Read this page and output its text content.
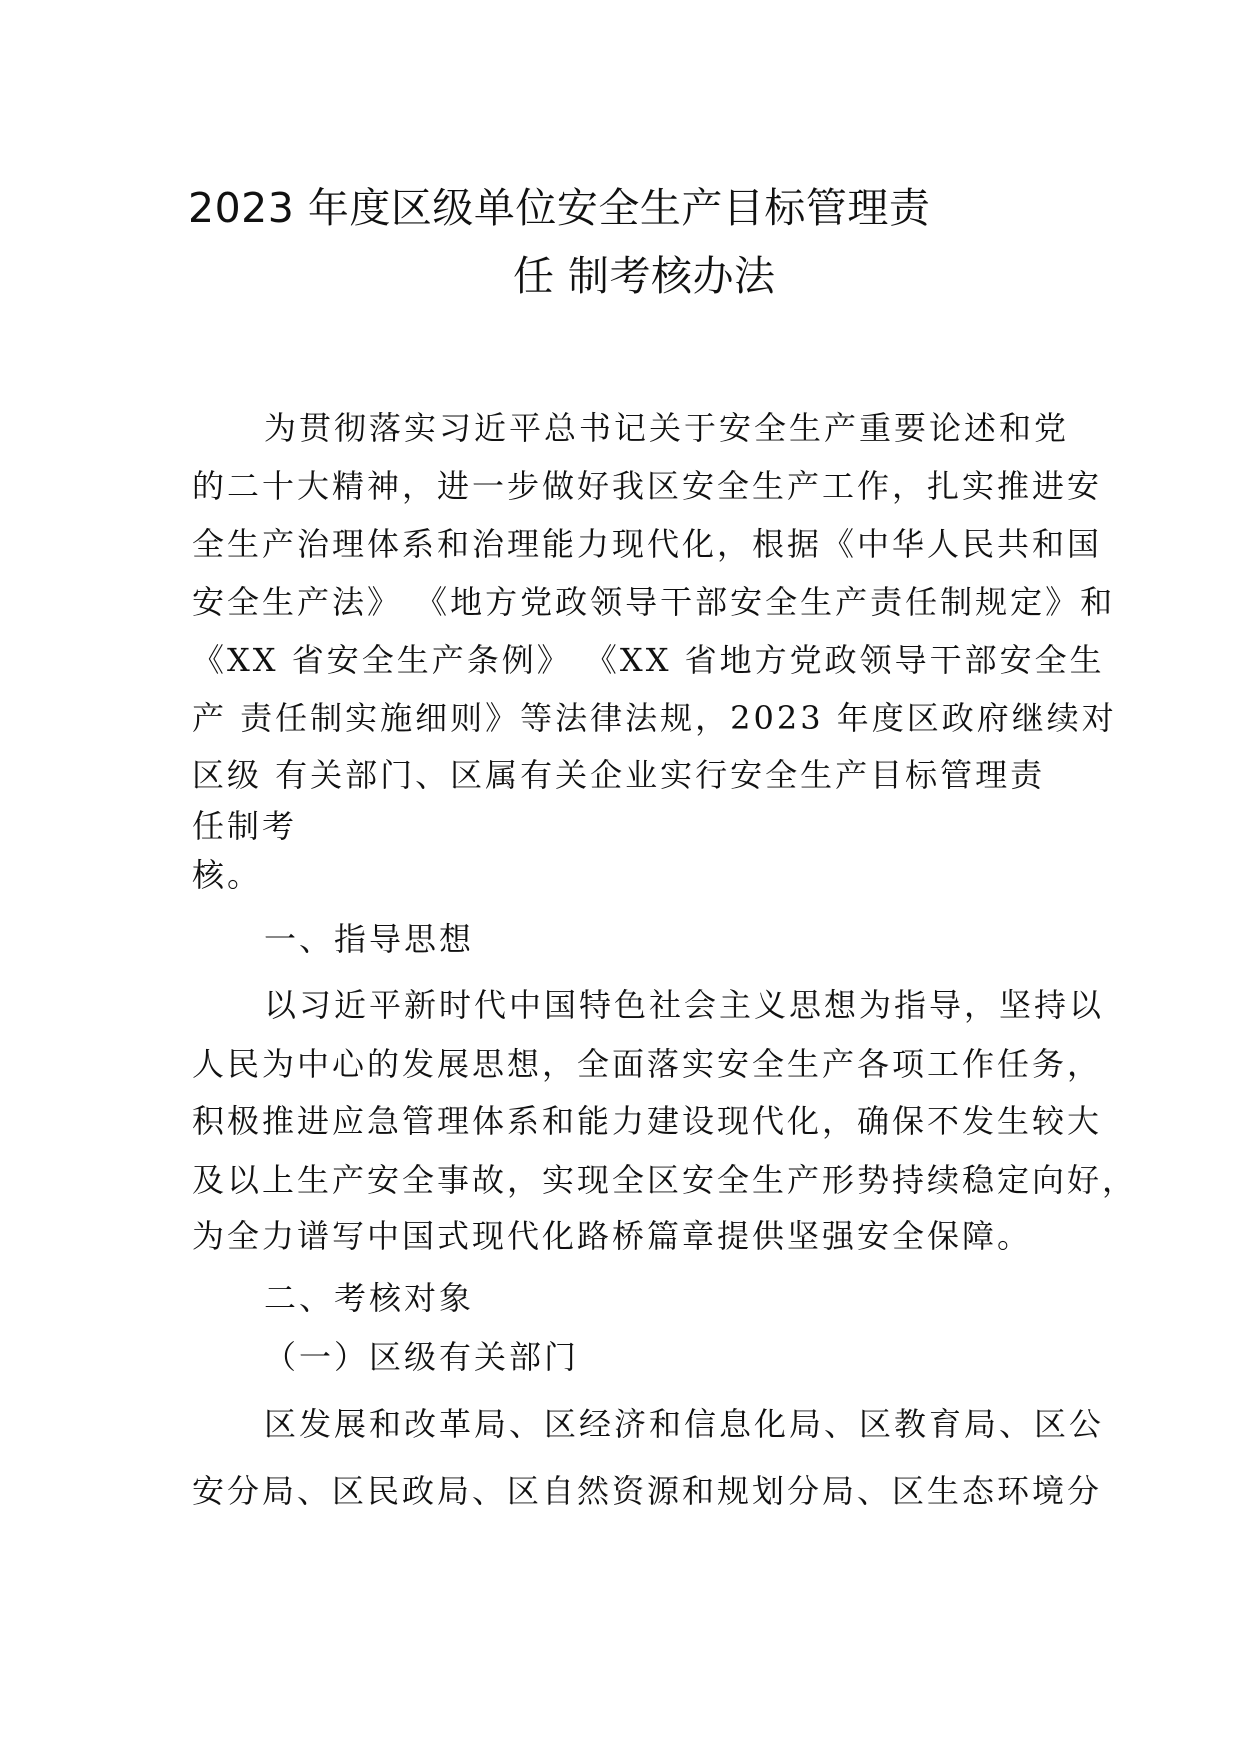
2023 年度区级单位安全生产目标管理责
任 制考核办法
为贯彻落实习近平总书记关于安全生产重要论述和党
的二十大精神，进一步做好我区安全生产工作，扎实推进安
全生产治理体系和治理能力现代化，根据《中华人民共和国
安全生产法》 《地方党政领导干部安全生产责任制规定》和
《XX 省安全生产条例》 《XX 省地方党政领导干部安全生
产 责任制实施细则》等法律法规，2023 年度区政府继续对
区级 有关部门、区属有关企业实行安全生产目标管理责
任制考
核。
一、指导思想
以习近平新时代中国特色社会主义思想为指导，坚持以
人民为中心的发展思想，全面落实安全生产各项工作任务，
积极推进应急管理体系和能力建设现代化，确保不发生较大
及以上生产安全事故，实现全区安全生产形势持续稳定向好，
为全力谱写中国式现代化路桥篇章提供坚强安全保障。
二、考核对象
（一）区级有关部门
区发展和改革局、区经济和信息化局、区教育局、区公
安分局、区民政局、区自然资源和规划分局、区生态环境分
